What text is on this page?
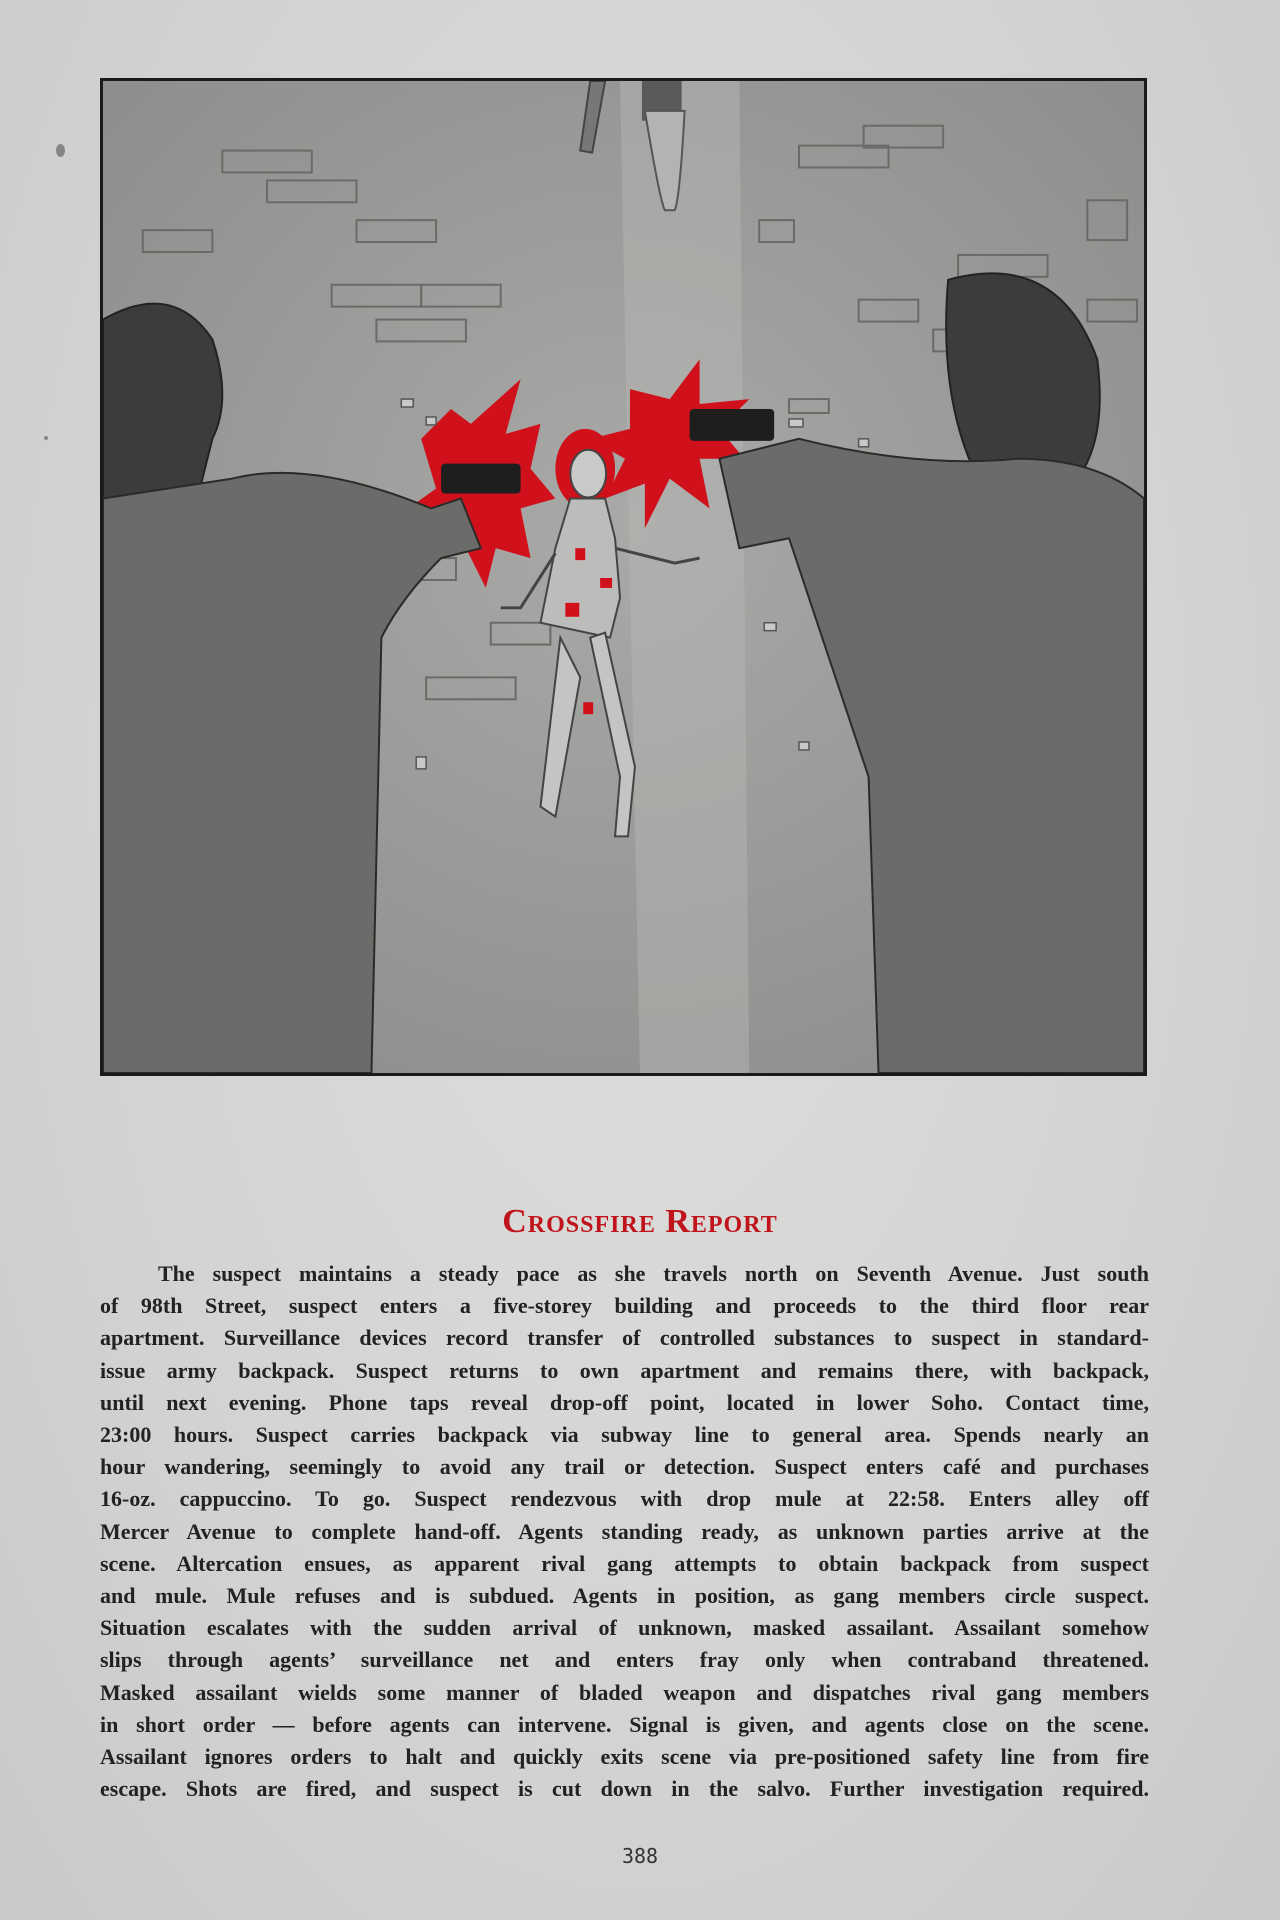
Crossfire Report

The suspect maintains a steady pace as she travels north on Seventh Avenue. Just south
of 98th Street, suspect enters a five-storey building and proceeds to the third floor rear
apartment. Surveillance devices record transfer of controlled substances to suspect in standard-
issue army backpack. Suspect returns to own apartment and remains there, with backpack,
until next evening. Phone taps reveal drop-off point, located in lower Soho. Contact time,
23:00 hours. Suspect carries backpack via subway line to general area. Spends nearly an
hour wandering, seemingly to avoid any trail or detection. Suspect enters café and purchases
16-oz. cappuccino. To go. Suspect rendezvous with drop mule at 22:58. Enters alley off
Mercer Avenue to complete hand-off. Agents standing ready, as unknown parties arrive at the
scene. Altercation ensues, as apparent rival gang attempts to obtain backpack from suspect
and mule. Mule refuses and is subdued. Agents in position, as gang members circle suspect.
Situation escalates with the sudden arrival of unknown, masked assailant. Assailant somehow
slips through agents’ surveillance net and enters fray only when contraband threatened.
Masked assailant wields some manner of bladed weapon and dispatches rival gang members
in short order — before agents can intervene. Signal is given, and agents close on the scene.
Assailant ignores orders to halt and quickly exits scene via pre-positioned safety line from fire
escape. Shots are fired, and suspect is cut down in the salvo. Further investigation required.

388
